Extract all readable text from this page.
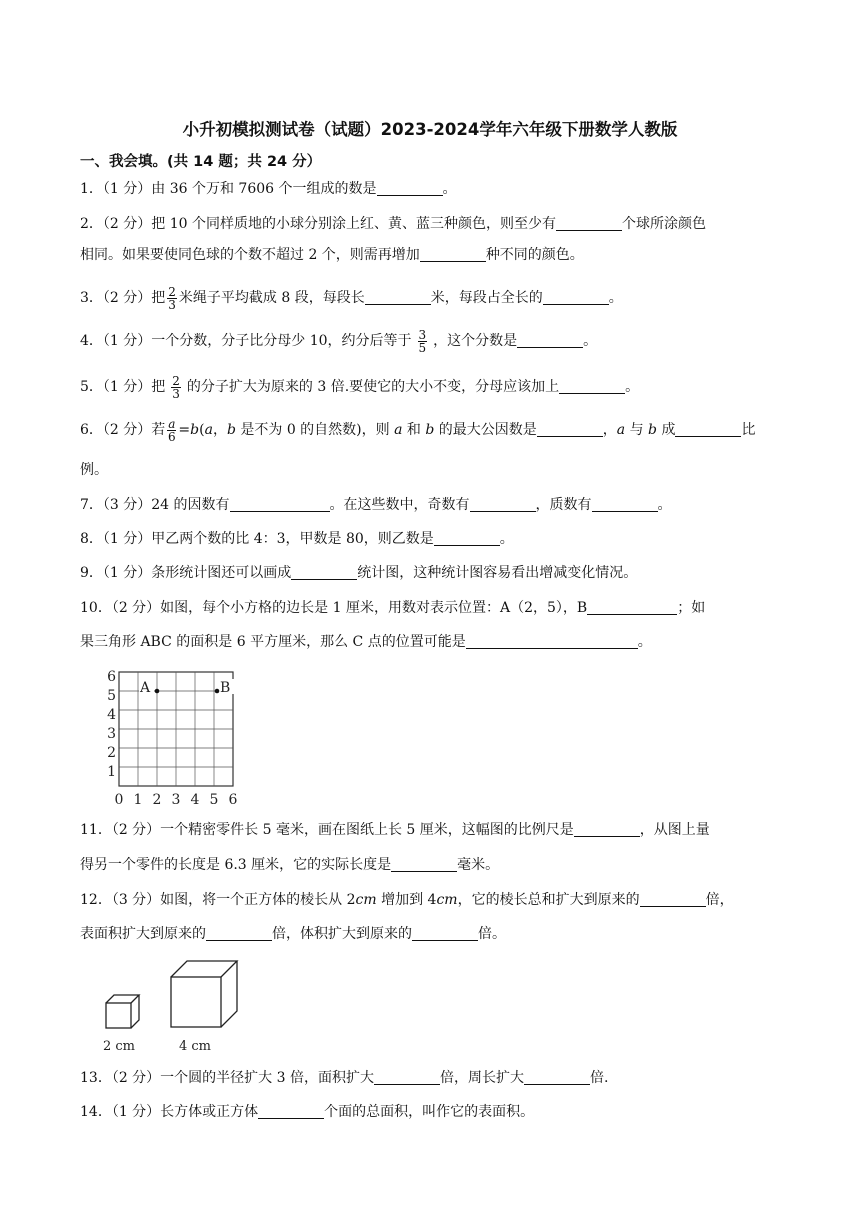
小升初模拟测试卷（试题）2023-2024学年六年级下册数学人教版
一、我会填。(共 14 题；共 24 分）
1．（1 分）由 36 个万和 7606 个一组成的数是	。
2．（2 分）把 10 个同样质地的小球分别涂上红、黄、蓝三种颜色，则至少有	个球所涂颜色
相同。如果要使同色球的个数不超过 2 个，则需再增加	种不同的颜色。
3．（2 分）把 $\frac{2}{3}$ 米绳子平均截成 8 段，每段长	米，每段占全长的	。
4．（1 分）一个分数，分子比分母少 10，约分后等于 $\frac{3}{5}$ ，这个分数是	。
5．（1 分）把 $\frac{2}{3}$ 的分子扩大为原来的 3 倍.要使它的大小不变，分母应该加上	。
6．（2 分）若 $\frac{a}{6} =b(a$，b 是不为 0 的自然数)，则 a 和 b 的最大公因数是	，a 与 b 成	比
例。
7．（3 分）24 的因数有	。在这些数中，奇数有	，质数有	。
8．（1 分）甲乙两个数的比 4：3，甲数是 80，则乙数是	。
9．（1 分）条形统计图还可以画成	统计图，这种统计图容易看出增减变化情况。
10．（2 分）如图，每个小方格的边长是 1 厘米，用数对表示位置：A（2，5），B	；如
果三角形 ABC 的面积是 6 平方厘米，那么 C 点的位置可能是	。
0 1 2 3 4 5 6
1
2
3
4
5
6
A	B
11．（2 分）一个精密零件长 5 毫米，画在图纸上长 5 厘米，这幅图的比例尺是	，从图上量
得另一个零件的长度是 6.3 厘米，它的实际长度是	毫米。
12．（3 分）如图，将一个正方体的棱长从 2cm 增加到 4cm，它的棱长总和扩大到原来的	倍，
表面积扩大到原来的	倍，体积扩大到原来的	倍。
2 cm	4 cm
13．（2 分）一个圆的半径扩大 3 倍，面积扩大	倍，周长扩大	倍.
14．（1 分）长方体或正方体	个面的总面积，叫作它的表面积。
